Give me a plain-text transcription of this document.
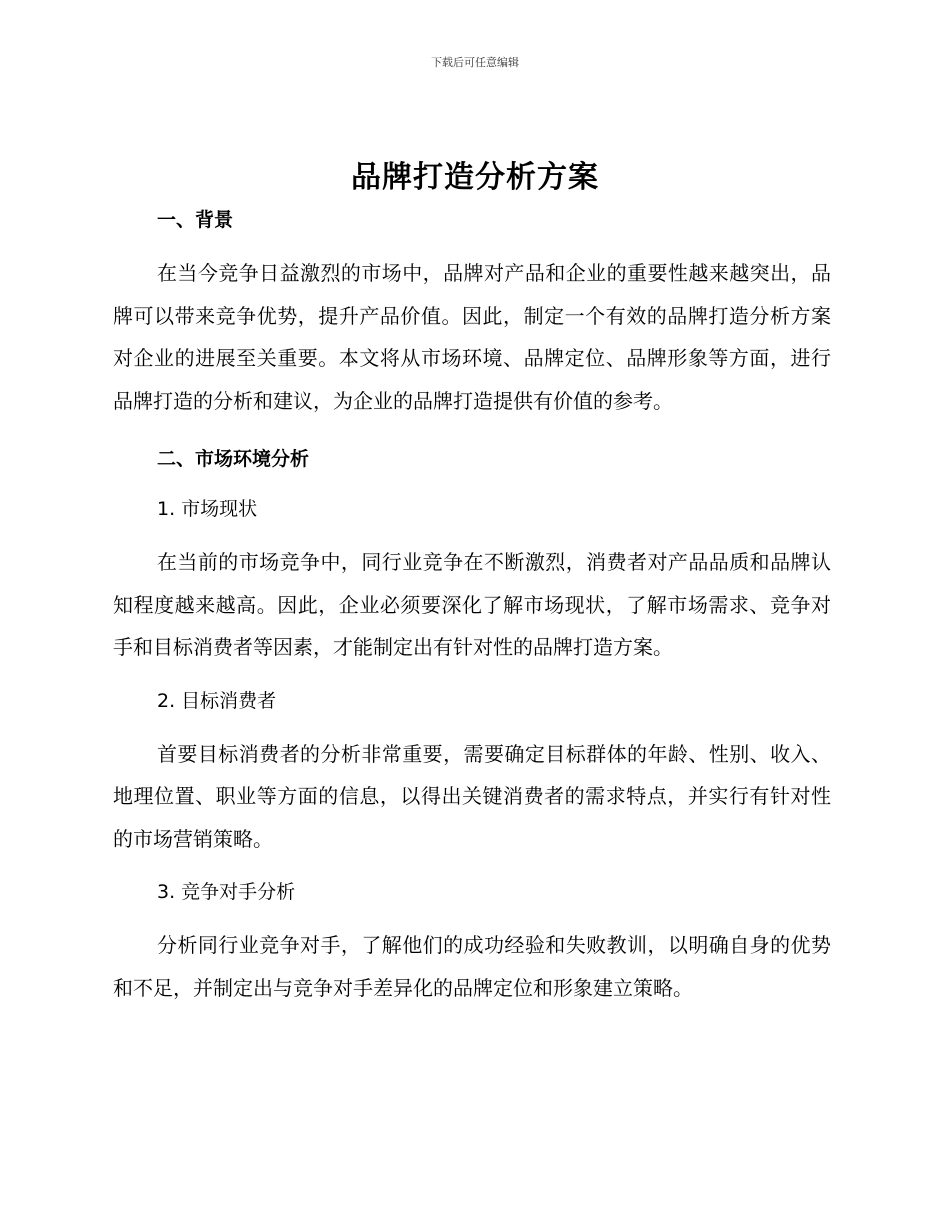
下载后可任意编辑
品牌打造分析方案
一、背景

在当今竞争日益激烈的市场中，品牌对产品和企业的重要性越来越突出，品牌可以带来竞争优势，提升产品价值。因此，制定一个有效的品牌打造分析方案对企业的进展至关重要。本文将从市场环境、品牌定位、品牌形象等方面，进行品牌打造的分析和建议，为企业的品牌打造提供有价值的参考。

二、市场环境分析
1. 市场现状

在当前的市场竞争中，同行业竞争在不断激烈，消费者对产品品质和品牌认知程度越来越高。因此，企业必须要深化了解市场现状，了解市场需求、竞争对手和目标消费者等因素，才能制定出有针对性的品牌打造方案。

2. 目标消费者

首要目标消费者的分析非常重要，需要确定目标群体的年龄、性别、收入、地理位置、职业等方面的信息，以得出关键消费者的需求特点，并实行有针对性的市场营销策略。

3. 竞争对手分析

分析同行业竞争对手，了解他们的成功经验和失败教训，以明确自身的优势和不足，并制定出与竞争对手差异化的品牌定位和形象建立策略。
